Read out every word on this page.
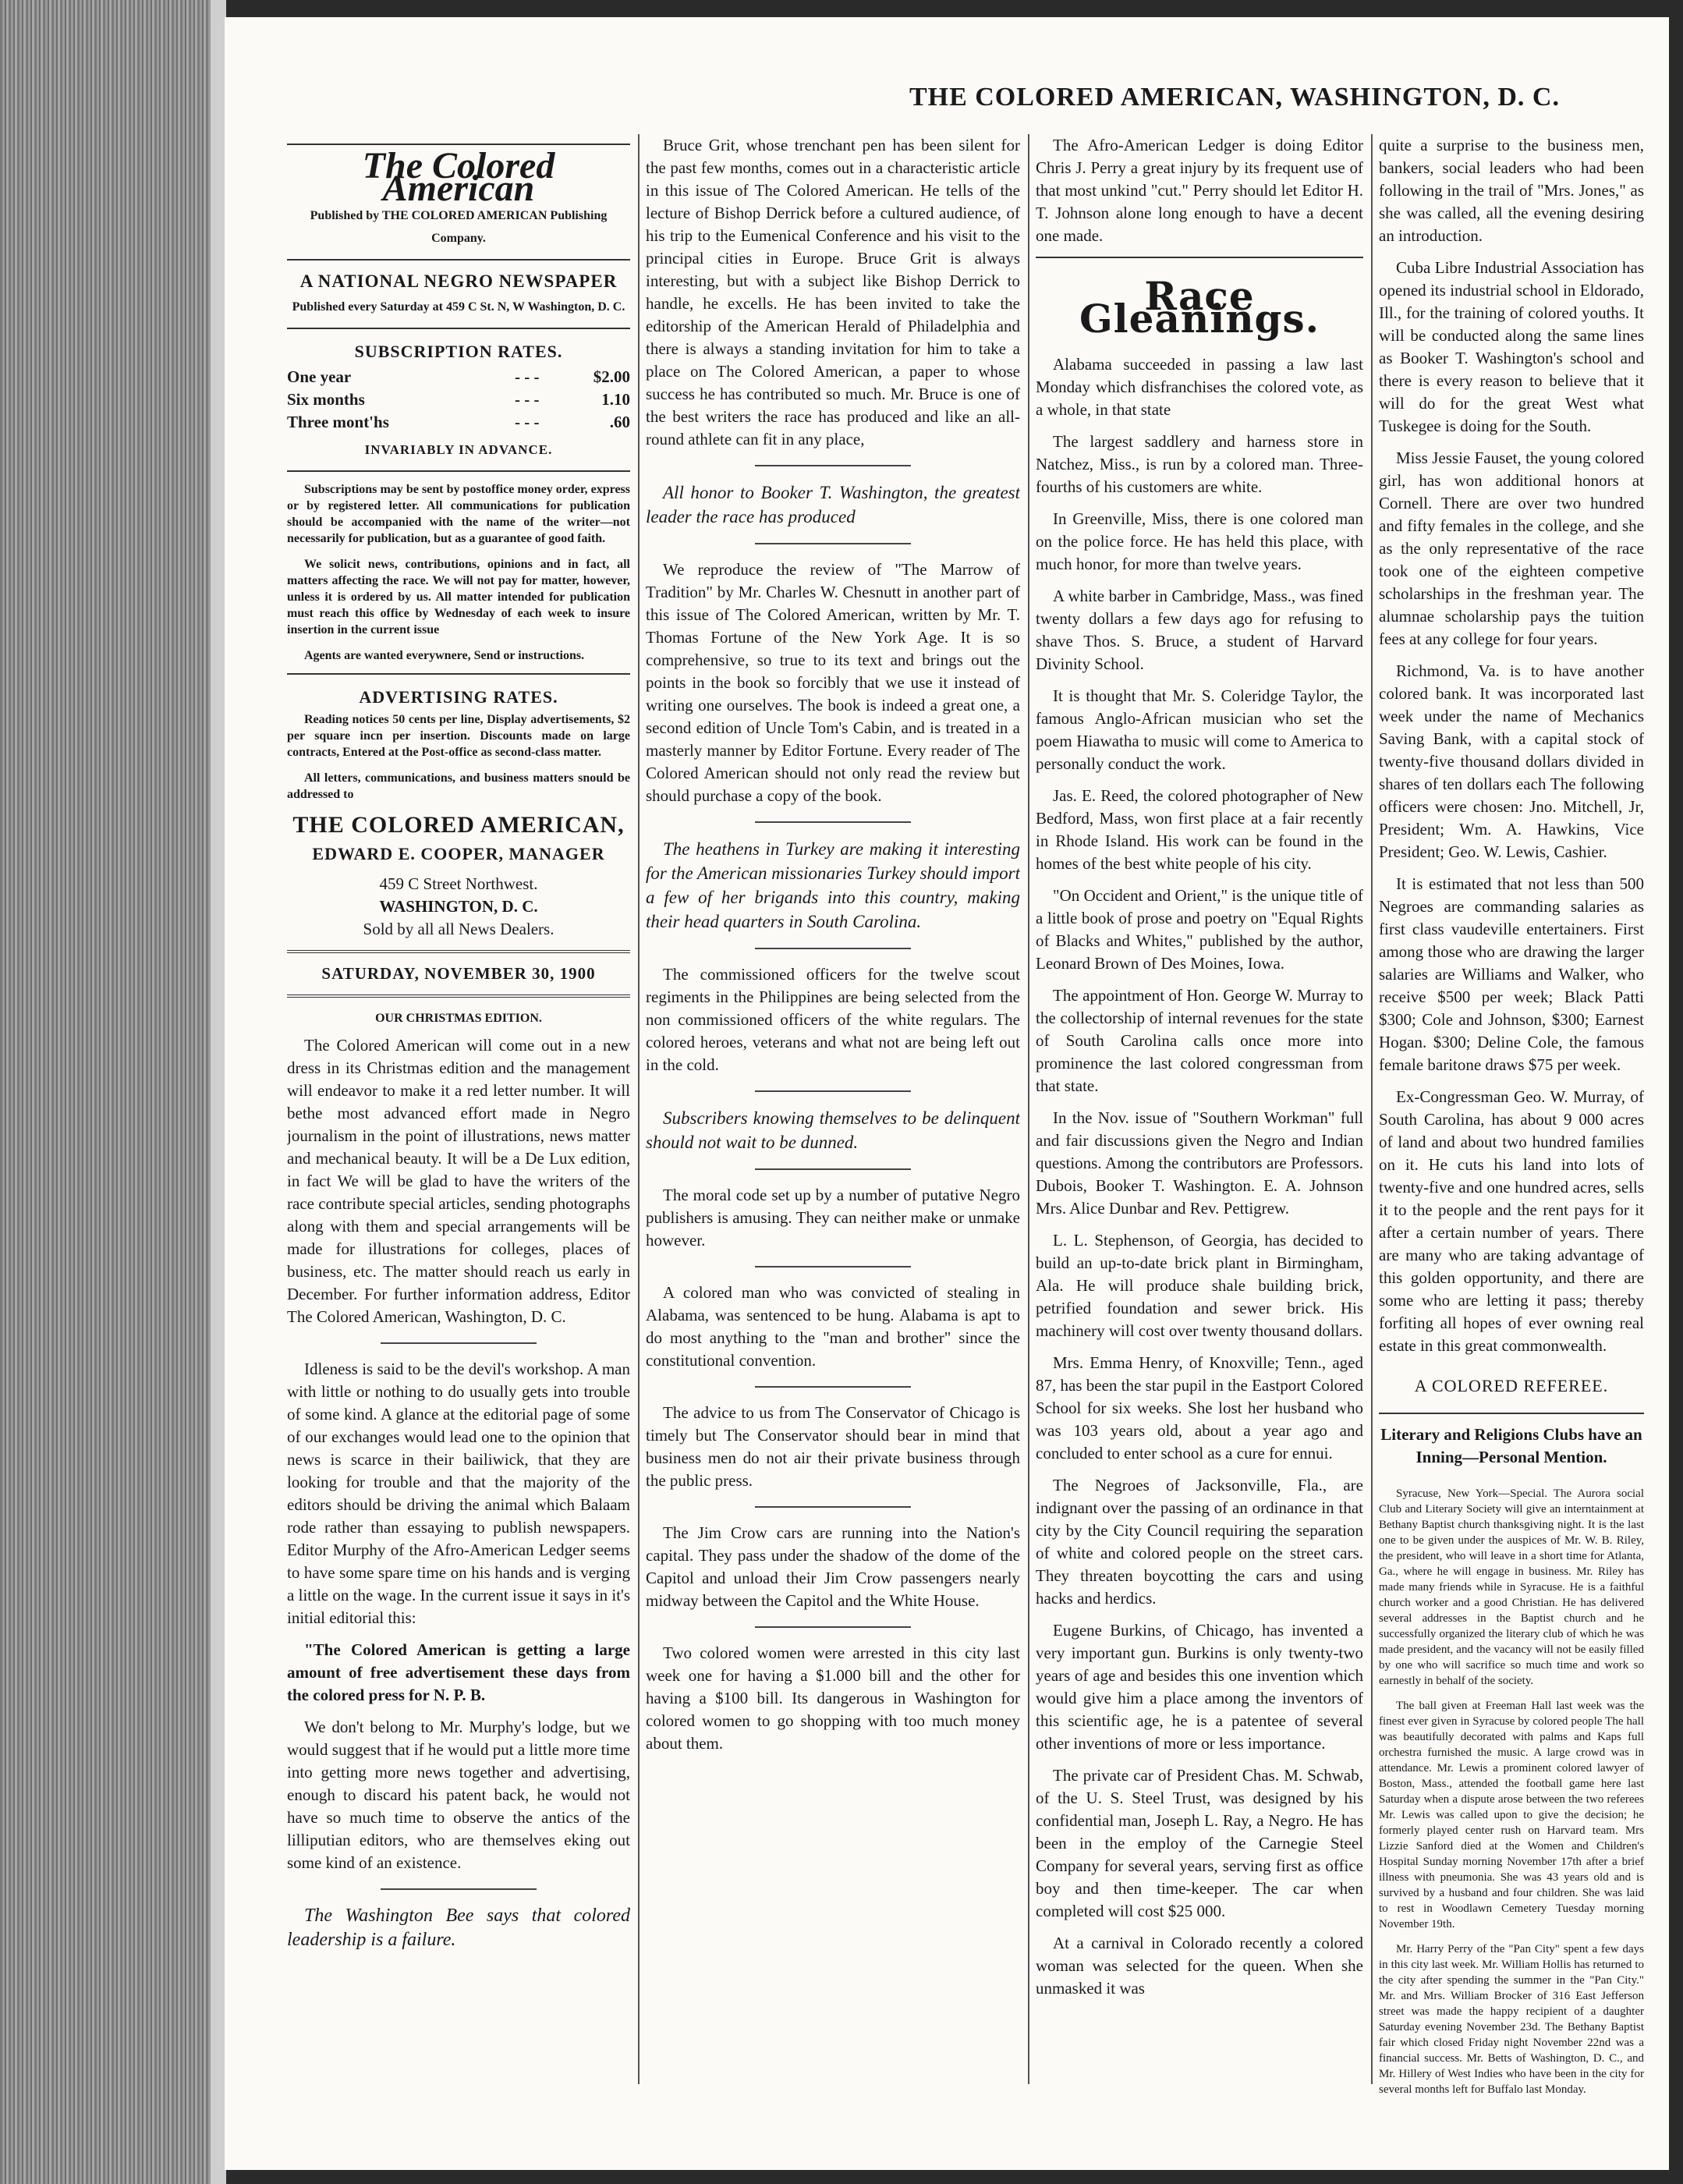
THE COLORED AMERICAN, WASHINGTON, D. C.
The Colored American
Published by THE COLORED AMERICAN Publishing Company.
A NATIONAL NEGRO NEWSPAPER
Published every Saturday at 459 C St. N, W Washington, D. C.
SUBSCRIPTION RATES.
One year	- - -	$2.00
Six months	- - -	1.10
Three mont'hs	- - -	.60
INVARIABLY IN ADVANCE.

Subscriptions may be sent by postoffice money order, express or by registered letter. All communications for publication should be accompanied with the name of the writer—not necessarily for publication, but as a guarantee of good faith.

We solicit news, contributions, opinions and in fact, all matters affecting the race. We will not pay for matter, however, unless it is ordered by us. All matter intended for publication must reach this office by Wednesday of each week to insure insertion in the current issue

Agents are wanted everywnere, Send or instructions.

ADVERTISING RATES.

Reading notices 50 cents per line, Display advertisements, $2 per square incn per insertion. Discounts made on large contracts, Entered at the Post-office as second-class matter.

All letters, communications, and business matters snould be addressed to

THE COLORED AMERICAN,
EDWARD E. COOPER, MANAGER
459 C Street Northwest.
WASHINGTON, D. C.
Sold by all all News Dealers.
SATURDAY, NOVEMBER 30, 1900
OUR CHRISTMAS EDITION.

The Colored American will come out in a new dress in its Christmas edition and the management will endeavor to make it a red letter number. It will bethe most advanced effort made in Negro journalism in the point of illustrations, news matter and mechanical beauty. It will be a De Lux edition, in fact We will be glad to have the writers of the race contribute special articles, sending photographs along with them and special arrangements will be made for illustrations for colleges, places of business, etc. The matter should reach us early in December. For further information address, Editor The Colored American, Washington, D. C.

Idleness is said to be the devil's workshop. A man with little or nothing to do usually gets into trouble of some kind. A glance at the editorial page of some of our exchanges would lead one to the opinion that news is scarce in their bailiwick, that they are looking for trouble and that the majority of the editors should be driving the animal which Balaam rode rather than essaying to publish newspapers. Editor Murphy of the Afro-American Ledger seems to have some spare time on his hands and is verging a little on the wage. In the current issue it says in it's initial editorial this:

"The Colored American is getting a large amount of free advertisement these days from the colored press for N. P. B.

We don't belong to Mr. Murphy's lodge, but we would suggest that if he would put a little more time into getting more news together and advertising, enough to discard his patent back, he would not have so much time to observe the antics of the lilliputian editors, who are themselves eking out some kind of an existence.

The Washington Bee says that colored leadership is a failure.

Bruce Grit, whose trenchant pen has been silent for the past few months, comes out in a characteristic article in this issue of The Colored American. He tells of the lecture of Bishop Derrick before a cultured audience, of his trip to the Eumenical Conference and his visit to the principal cities in Europe. Bruce Grit is always interesting, but with a subject like Bishop Derrick to handle, he excells. He has been invited to take the editorship of the American Herald of Philadelphia and there is always a standing invitation for him to take a place on The Colored American, a paper to whose success he has contributed so much. Mr. Bruce is one of the best writers the race has produced and like an all-round athlete can fit in any place,

All honor to Booker T. Washington, the greatest leader the race has produced

We reproduce the review of "The Marrow of Tradition" by Mr. Charles W. Chesnutt in another part of this issue of The Colored American, written by Mr. T. Thomas Fortune of the New York Age. It is so comprehensive, so true to its text and brings out the points in the book so forcibly that we use it instead of writing one ourselves. The book is indeed a great one, a second edition of Uncle Tom's Cabin, and is treated in a masterly manner by Editor Fortune. Every reader of The Colored American should not only read the review but should purchase a copy of the book.

The heathens in Turkey are making it interesting for the American missionaries Turkey should import a few of her brigands into this country, making their head quarters in South Carolina.

The commissioned officers for the twelve scout regiments in the Philippines are being selected from the non commissioned officers of the white regulars. The colored heroes, veterans and what not are being left out in the cold.

Subscribers knowing themselves to be delinquent should not wait to be dunned.

The moral code set up by a number of putative Negro publishers is amusing. They can neither make or unmake however.

A colored man who was convicted of stealing in Alabama, was sentenced to be hung. Alabama is apt to do most anything to the "man and brother" since the constitutional convention.

The advice to us from The Conservator of Chicago is timely but The Conservator should bear in mind that business men do not air their private business through the public press.

The Jim Crow cars are running into the Nation's capital. They pass under the shadow of the dome of the Capitol and unload their Jim Crow passengers nearly midway between the Capitol and the White House.

Two colored women were arrested in this city last week one for having a $1.000 bill and the other for having a $100 bill. Its dangerous in Washington for colored women to go shopping with too much money about them.

The Afro-American Ledger is doing Editor Chris J. Perry a great injury by its frequent use of that most unkind "cut." Perry should let Editor H. T. Johnson alone long enough to have a decent one made.

Race Gleanings.

Alabama succeeded in passing a law last Monday which disfranchises the colored vote, as a whole, in that state

The largest saddlery and harness store in Natchez, Miss., is run by a colored man. Three-fourths of his customers are white.

In Greenville, Miss, there is one colored man on the police force. He has held this place, with much honor, for more than twelve years.

A white barber in Cambridge, Mass., was fined twenty dollars a few days ago for refusing to shave Thos. S. Bruce, a student of Harvard Divinity School.

It is thought that Mr. S. Coleridge Taylor, the famous Anglo-African musician who set the poem Hiawatha to music will come to America to personally conduct the work.

Jas. E. Reed, the colored photographer of New Bedford, Mass, won first place at a fair recently in Rhode Island. His work can be found in the homes of the best white people of his city.

"On Occident and Orient," is the unique title of a little book of prose and poetry on "Equal Rights of Blacks and Whites," published by the author, Leonard Brown of Des Moines, Iowa.

The appointment of Hon. George W. Murray to the collectorship of internal revenues for the state of South Carolina calls once more into prominence the last colored congressman from that state.

In the Nov. issue of "Southern Workman" full and fair discussions given the Negro and Indian questions. Among the contributors are Professors. Dubois, Booker T. Washington. E. A. Johnson Mrs. Alice Dunbar and Rev. Pettigrew.

L. L. Stephenson, of Georgia, has decided to build an up-to-date brick plant in Birmingham, Ala. He will produce shale building brick, petrified foundation and sewer brick. His machinery will cost over twenty thousand dollars.

Mrs. Emma Henry, of Knoxville; Tenn., aged 87, has been the star pupil in the Eastport Colored School for six weeks. She lost her husband who was 103 years old, about a year ago and concluded to enter school as a cure for ennui.

The Negroes of Jacksonville, Fla., are indignant over the passing of an ordinance in that city by the City Council requiring the separation of white and colored people on the street cars. They threaten boycotting the cars and using hacks and herdics.

Eugene Burkins, of Chicago, has invented a very important gun. Burkins is only twenty-two years of age and besides this one invention which would give him a place among the inventors of this scientific age, he is a patentee of several other inventions of more or less importance.

The private car of President Chas. M. Schwab, of the U. S. Steel Trust, was designed by his confidential man, Joseph L. Ray, a Negro. He has been in the employ of the Carnegie Steel Company for several years, serving first as office boy and then time-keeper. The car when completed will cost $25 000.

At a carnival in Colorado recently a colored woman was selected for the queen. When she unmasked it was

quite a surprise to the business men, bankers, social leaders who had been following in the trail of "Mrs. Jones," as she was called, all the evening desiring an introduction.

Cuba Libre Industrial Association has opened its industrial school in Eldorado, Ill., for the training of colored youths. It will be conducted along the same lines as Booker T. Washington's school and there is every reason to believe that it will do for the great West what Tuskegee is doing for the South.

Miss Jessie Fauset, the young colored girl, has won additional honors at Cornell. There are over two hundred and fifty females in the college, and she as the only representative of the race took one of the eighteen competive scholarships in the freshman year. The alumnae scholarship pays the tuition fees at any college for four years.

Richmond, Va. is to have another colored bank. It was incorporated last week under the name of Mechanics Saving Bank, with a capital stock of twenty-five thousand dollars divided in shares of ten dollars each The following officers were chosen: Jno. Mitchell, Jr, President; Wm. A. Hawkins, Vice President; Geo. W. Lewis, Cashier.

It is estimated that not less than 500 Negroes are commanding salaries as first class vaudeville entertainers. First among those who are drawing the larger salaries are Williams and Walker, who receive $500 per week; Black Patti $300; Cole and Johnson, $300; Earnest Hogan. $300; Deline Cole, the famous female baritone draws $75 per week.

Ex-Congressman Geo. W. Murray, of South Carolina, has about 9 000 acres of land and about two hundred families on it. He cuts his land into lots of twenty-five and one hundred acres, sells it to the people and the rent pays for it after a certain number of years. There are many who are taking advantage of this golden opportunity, and there are some who are letting it pass; thereby forfiting all hopes of ever owning real estate in this great commonwealth.

A COLORED REFEREE.
Literary and Religions Clubs have an Inning—Personal Mention.

Syracuse, New York—Special. The Aurora social Club and Literary Society will give an interntainment at Bethany Baptist church thanksgiving night. It is the last one to be given under the auspices of Mr. W. B. Riley, the president, who will leave in a short time for Atlanta, Ga., where he will engage in business. Mr. Riley has made many friends while in Syracuse. He is a faithful church worker and a good Christian. He has delivered several addresses in the Baptist church and he successfully organized the literary club of which he was made president, and the vacancy will not be easily filled by one who will sacrifice so much time and work so earnestly in behalf of the society.

The ball given at Freeman Hall last week was the finest ever given in Syracuse by colored people The hall was beautifully decorated with palms and Kaps full orchestra furnished the music. A large crowd was in attendance. Mr. Lewis a prominent colored lawyer of Boston, Mass., attended the football game here last Saturday when a dispute arose between the two referees Mr. Lewis was called upon to give the decision; he formerly played center rush on Harvard team. Mrs Lizzie Sanford died at the Women and Children's Hospital Sunday morning November 17th after a brief illness with pneumonia. She was 43 years old and is survived by a husband and four children. She was laid to rest in Woodlawn Cemetery Tuesday morning November 19th.

Mr. Harry Perry of the "Pan City" spent a few days in this city last week. Mr. William Hollis has returned to the city after spending the summer in the "Pan City." Mr. and Mrs. William Brocker of 316 East Jefferson street was made the happy recipient of a daughter Saturday evening November 23d. The Bethany Baptist fair which closed Friday night November 22nd was a financial success. Mr. Betts of Washington, D. C., and Mr. Hillery of West Indies who have been in the city for several months left for Buffalo last Monday.
